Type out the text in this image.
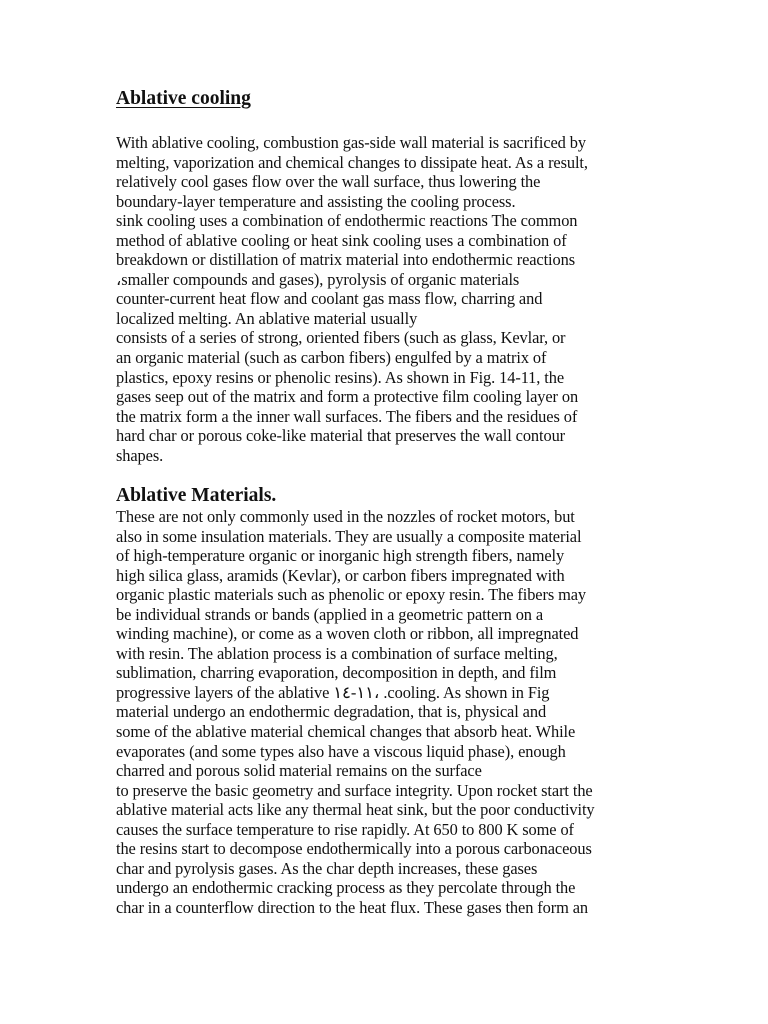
Ablative cooling
With ablative cooling, combustion gas-side wall material is sacrificed by
melting, vaporization and chemical changes to dissipate heat. As a result,
relatively cool gases flow over the wall surface, thus lowering the
boundary-layer temperature and assisting the cooling process.
sink cooling uses a combination of endothermic reactions The common
method of ablative cooling or heat sink cooling uses a combination of
breakdown or distillation of matrix material into endothermic reactions
،smaller compounds and gases), pyrolysis of organic materials
counter-current heat flow and coolant gas mass flow, charring and
localized melting. An ablative material usually
consists of a series of strong, oriented fibers (such as glass, Kevlar, or
an organic material (such as carbon fibers) engulfed by a matrix of
plastics, epoxy resins or phenolic resins). As shown in Fig. 14-11, the
gases seep out of the matrix and form a protective film cooling layer on
the matrix form a the inner wall surfaces. The fibers and the residues of
hard char or porous coke-like material that preserves the wall contour
shapes.
Ablative Materials.
These are not only commonly used in the nozzles of rocket motors, but
also in some insulation materials. They are usually a composite material
of high-temperature organic or inorganic high strength fibers, namely
high silica glass, aramids (Kevlar), or carbon fibers impregnated with
organic plastic materials such as phenolic or epoxy resin. The fibers may
be individual strands or bands (applied in a geometric pattern on a
winding machine), or come as a woven cloth or ribbon, all impregnated
with resin. The ablation process is a combination of surface melting,
sublimation, charring evaporation, decomposition in depth, and film
progressive layers of the ablative ١١-١٤، .cooling. As shown in Fig
material undergo an endothermic degradation, that is, physical and
some of the ablative material chemical changes that absorb heat. While
evaporates (and some types also have a viscous liquid phase), enough
charred and porous solid material remains on the surface
to preserve the basic geometry and surface integrity. Upon rocket start the
ablative material acts like any thermal heat sink, but the poor conductivity
causes the surface temperature to rise rapidly. At 650 to 800 K some of
the resins start to decompose endothermically into a porous carbonaceous
char and pyrolysis gases. As the char depth increases, these gases
undergo an endothermic cracking process as they percolate through the
char in a counterflow direction to the heat flux. These gases then form an
